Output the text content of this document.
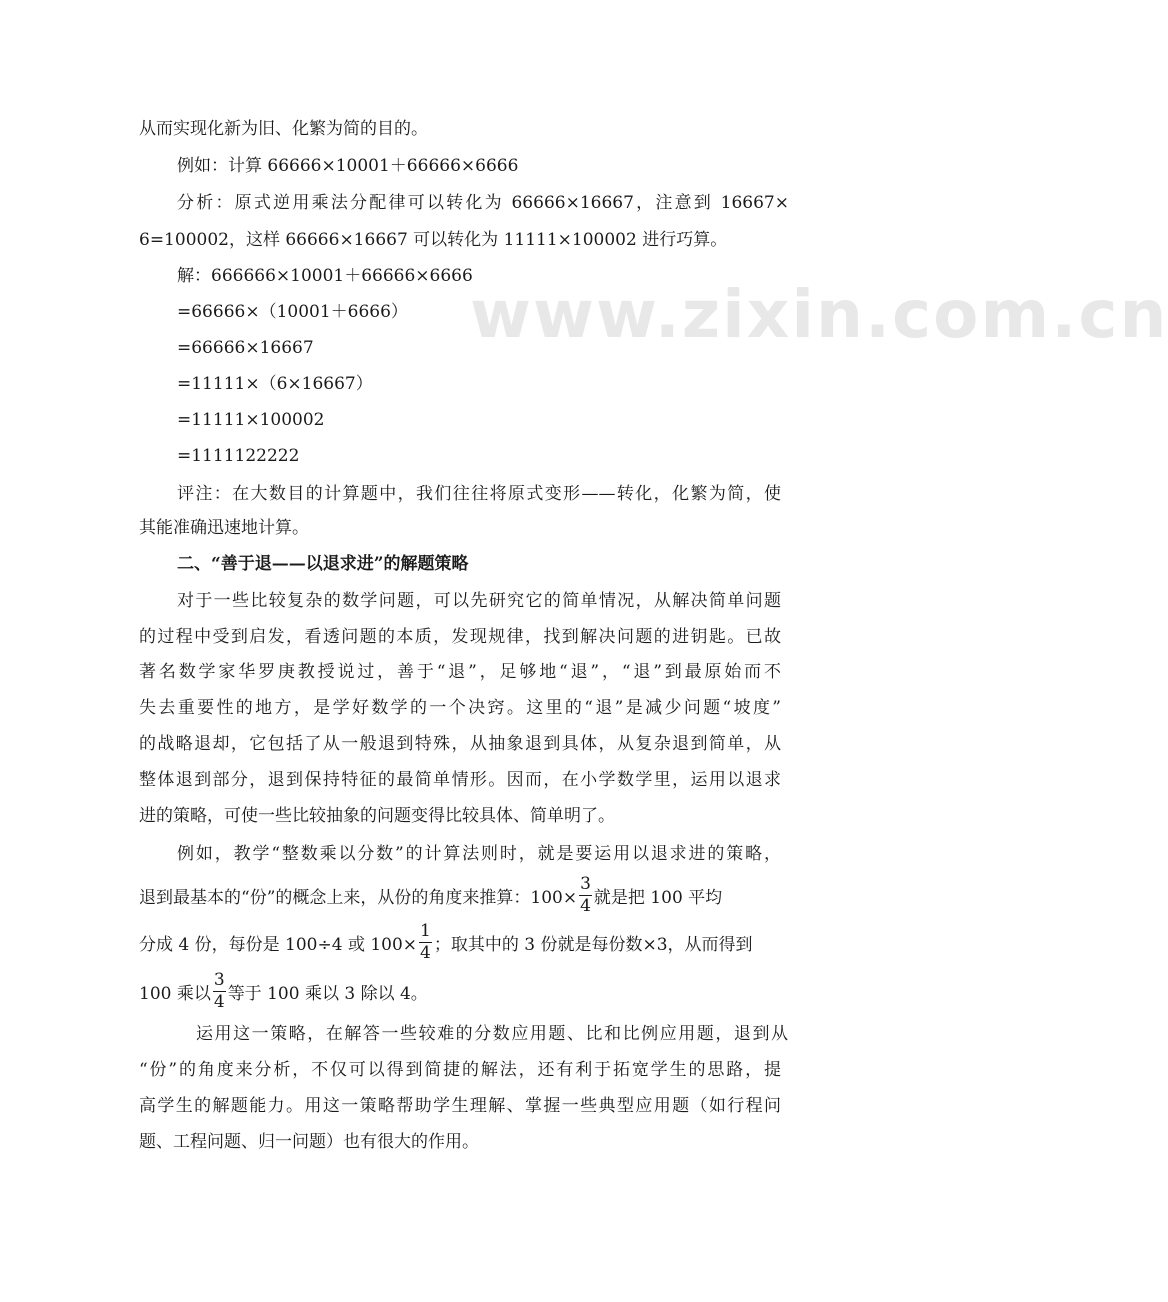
www.zixin.com.cn
从而实现化新为旧、化繁为简的目的。
例如：计算 66666×10001＋66666×6666
分析：原式逆用乘法分配律可以转化为 66666×16667，注意到 16667×
6=100002，这样 66666×16667 可以转化为 11111×100002 进行巧算。
解：666666×10001＋66666×6666
=66666×（10001＋6666）
=66666×16667
=11111×（6×16667）
=11111×100002
=1111122222
评注：在大数目的计算题中，我们往往将原式变形——转化，化繁为简，使
其能准确迅速地计算。
二、“善于退——以退求进”的解题策略
对于一些比较复杂的数学问题，可以先研究它的简单情况，从解决简单问题
的过程中受到启发，看透问题的本质，发现规律，找到解决问题的进钥匙。已故
著名数学家华罗庚教授说过，善于“退”，足够地“退”，“退”到最原始而不
失去重要性的地方，是学好数学的一个决窍。这里的“退”是减少问题“坡度”
的战略退却，它包括了从一般退到特殊，从抽象退到具体，从复杂退到简单，从
整体退到部分，退到保持特征的最简单情形。因而，在小学数学里，运用以退求
进的策略，可使一些比较抽象的问题变得比较具体、简单明了。
例如，教学“整数乘以分数”的计算法则时，就是要运用以退求进的策略，
退到最基本的“份”的概念上来，从份的角度来推算：$100\times \frac{3}{4}$ 就是把 100 平均
分成 4 份，每份是 100÷4 或 $100\times \frac{1}{4}$ ；取其中的 3 份就是每份数×3，从而得到
100 乘以 $\frac{3}{4}$ 等于 100 乘以 3 除以 4。
运用这一策略，在解答一些较难的分数应用题、比和比例应用题，退到从
“份”的角度来分析，不仅可以得到简捷的解法，还有利于拓宽学生的思路，提
高学生的解题能力。用这一策略帮助学生理解、掌握一些典型应用题（如行程问
题、工程问题、归一问题）也有很大的作用。
